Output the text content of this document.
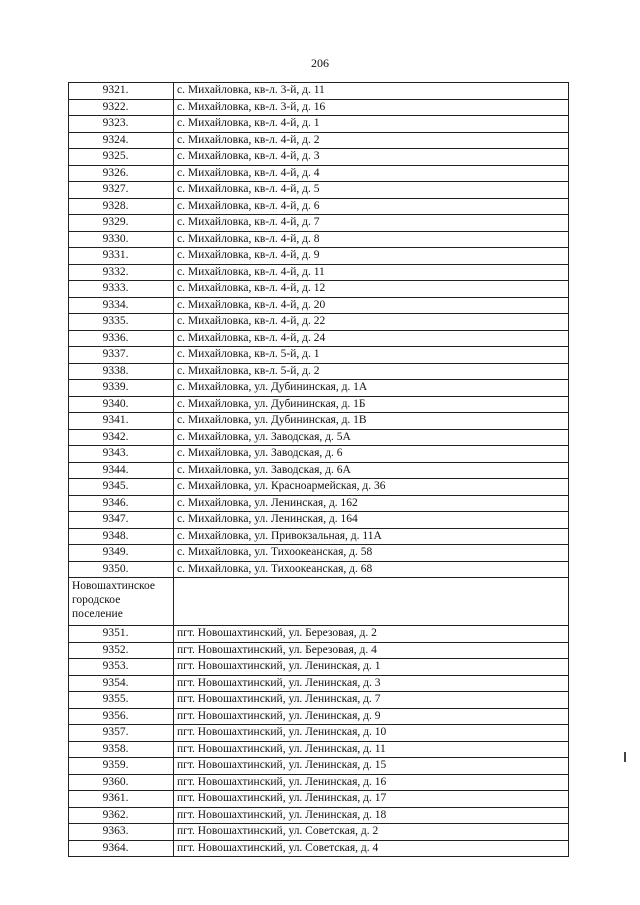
206
9321.	с. Михайловка, кв-л. 3-й, д. 11
9322.	с. Михайловка, кв-л. 3-й, д. 16
9323.	с. Михайловка, кв-л. 4-й, д. 1
9324.	с. Михайловка, кв-л. 4-й, д. 2
9325.	с. Михайловка, кв-л. 4-й, д. 3
9326.	с. Михайловка, кв-л. 4-й, д. 4
9327.	с. Михайловка, кв-л. 4-й, д. 5
9328.	с. Михайловка, кв-л. 4-й, д. 6
9329.	с. Михайловка, кв-л. 4-й, д. 7
9330.	с. Михайловка, кв-л. 4-й, д. 8
9331.	с. Михайловка, кв-л. 4-й, д. 9
9332.	с. Михайловка, кв-л. 4-й, д. 11
9333.	с. Михайловка, кв-л. 4-й, д. 12
9334.	с. Михайловка, кв-л. 4-й, д. 20
9335.	с. Михайловка, кв-л. 4-й, д. 22
9336.	с. Михайловка, кв-л. 4-й, д. 24
9337.	с. Михайловка, кв-л. 5-й, д. 1
9338.	с. Михайловка, кв-л. 5-й, д. 2
9339.	с. Михайловка, ул. Дубининская, д. 1А
9340.	с. Михайловка, ул. Дубининская, д. 1Б
9341.	с. Михайловка, ул. Дубининская, д. 1В
9342.	с. Михайловка, ул. Заводская, д. 5А
9343.	с. Михайловка, ул. Заводская, д. 6
9344.	с. Михайловка, ул. Заводская, д. 6А
9345.	с. Михайловка, ул. Красноармейская, д. 36
9346.	с. Михайловка, ул. Ленинская, д. 162
9347.	с. Михайловка, ул. Ленинская, д. 164
9348.	с. Михайловка, ул. Привокзальная, д. 11А
9349.	с. Михайловка, ул. Тихоокеанская, д. 58
9350.	с. Михайловка, ул. Тихоокеанская, д. 68
Новошахтинское городское поселение	
9351.	пгт. Новошахтинский, ул. Березовая, д. 2
9352.	пгт. Новошахтинский, ул. Березовая, д. 4
9353.	пгт. Новошахтинский, ул. Ленинская, д. 1
9354.	пгт. Новошахтинский, ул. Ленинская, д. 3
9355.	пгт. Новошахтинский, ул. Ленинская, д. 7
9356.	пгт. Новошахтинский, ул. Ленинская, д. 9
9357.	пгт. Новошахтинский, ул. Ленинская, д. 10
9358.	пгт. Новошахтинский, ул. Ленинская, д. 11
9359.	пгт. Новошахтинский, ул. Ленинская, д. 15
9360.	пгт. Новошахтинский, ул. Ленинская, д. 16
9361.	пгт. Новошахтинский, ул. Ленинская, д. 17
9362.	пгт. Новошахтинский, ул. Ленинская, д. 18
9363.	пгт. Новошахтинский, ул. Советская, д. 2
9364.	пгт. Новошахтинский, ул. Советская, д. 4
